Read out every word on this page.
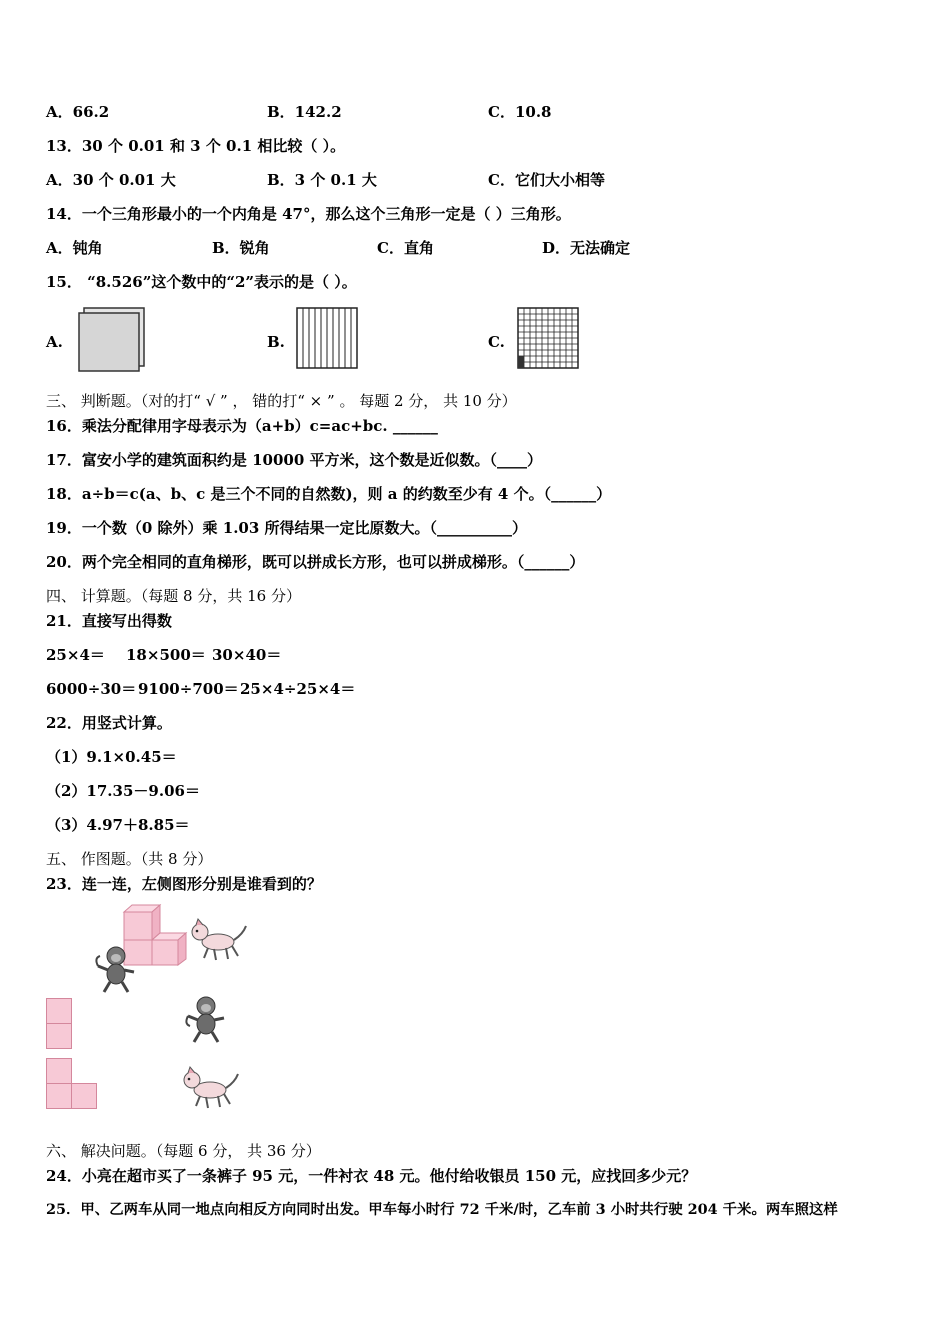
A．66.2	B．142.2	C．10.8
13．30 个 0.01 和 3 个 0.1 相比较（ ）。
A．30 个 0.01 大	B．3 个 0.1 大	C．它们大小相等
14．一个三角形最小的一个内角是 47°，那么这个三角形一定是（ ）三角形。
A．钝角	B．锐角	C．直角	D．无法确定
15． “8.526”这个数中的“2”表示的是（ ）。
A.	B.	C.
三、 判断题。（对的打“ √ ” ， 错的打“ × ” 。 每题 2 分， 共 10 分）
16．乘法分配律用字母表示为（a+b）c=ac+bc. ______
17．富安小学的建筑面积约是 10000 平方米，这个数是近似数。（____）
18．a÷b＝c(a、b、c 是三个不同的自然数)，则 a 的约数至少有 4 个。（______）
19．一个数（0 除外）乘 1.03 所得结果一定比原数大。（__________）
20．两个完全相同的直角梯形，既可以拼成长方形，也可以拼成梯形。（______）
四、 计算题。（每题 8 分，共 16 分）
21．直接写出得数
25×4＝ 18×500＝ 30×40＝
6000÷30＝ 9100÷700＝ 25×4÷25×4＝
22．用竖式计算。
（1）9.1×0.45＝
（2）17.35－9.06＝
（3）4.97＋8.85＝
五、 作图题。（共 8 分）
23．连一连，左侧图形分别是谁看到的？
六、 解决问题。（每题 6 分， 共 36 分）
24．小亮在超市买了一条裤子 95 元，一件衬衣 48 元。他付给收银员 150 元，应找回多少元？
25．甲、乙两车从同一地点向相反方向同时出发。甲车每小时行 72 千米/时，乙车前 3 小时共行驶 204 千米。两车照这样
